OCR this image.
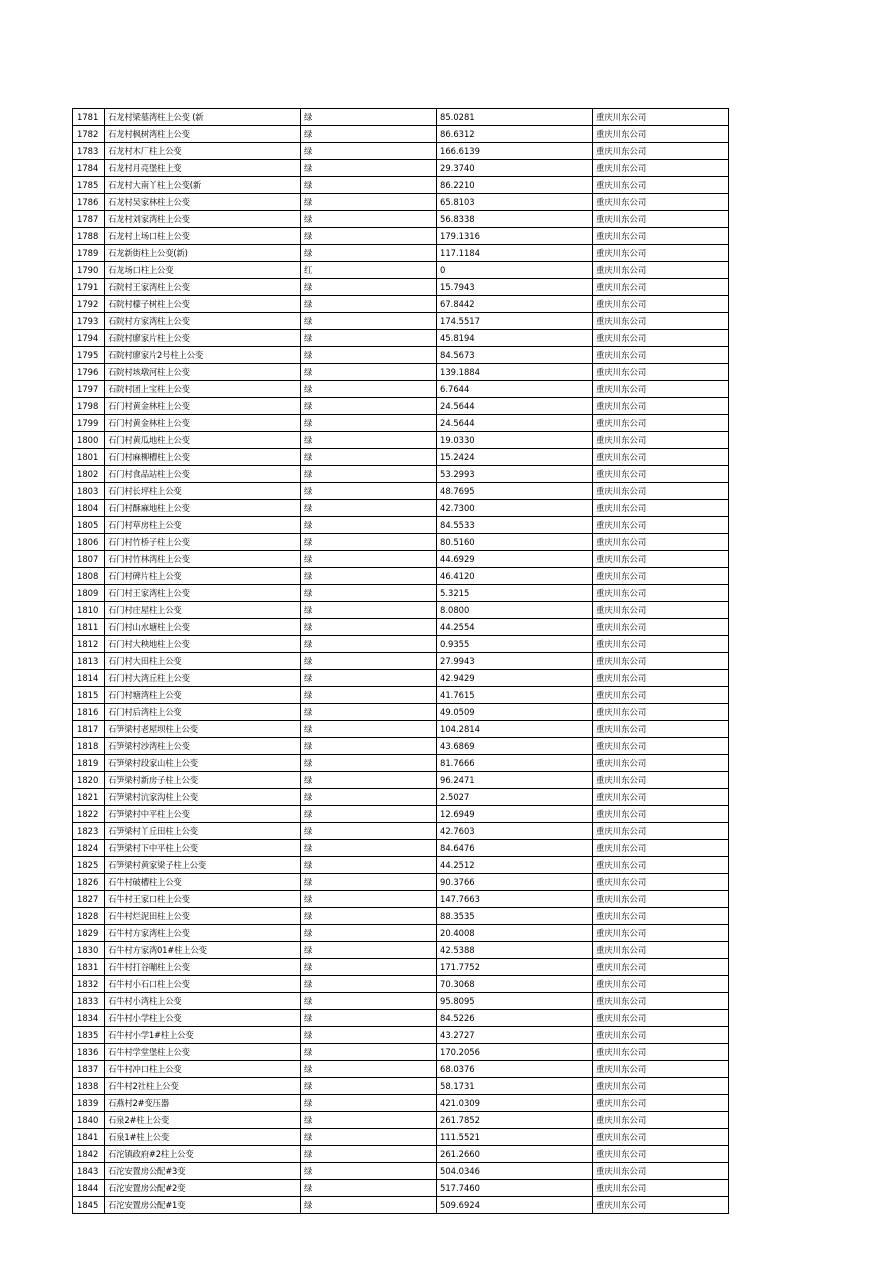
1781	石龙村梁墓湾柱上公变 (新	绿	85.0281	重庆川东公司
1782	石龙村枫树湾柱上公变	绿	86.6312	重庆川东公司
1783	石龙村木厂柱上公变	绿	166.6139	重庆川东公司
1784	石龙村月亮堡柱上变	绿	29.3740	重庆川东公司
1785	石龙村大南丫柱上公变(新	绿	86.2210	重庆川东公司
1786	石龙村吴家林柱上公变	绿	65.8103	重庆川东公司
1787	石龙村刘家湾柱上公变	绿	56.8338	重庆川东公司
1788	石龙村上场口柱上公变	绿	179.1316	重庆川东公司
1789	石龙新街柱上公变(新)	绿	117.1184	重庆川东公司
1790	石龙场口柱上公变	红	0	重庆川东公司
1791	石院村王家湾柱上公变	绿	15.7943	重庆川东公司
1792	石院村檬子树柱上公变	绿	67.8442	重庆川东公司
1793	石院村方家湾柱上公变	绿	174.5517	重庆川东公司
1794	石院村廖家片柱上公变	绿	45.8194	重庆川东公司
1795	石院村廖家片2号柱上公变	绿	84.5673	重庆川东公司
1796	石院村垓墩河柱上公变	绿	139.1884	重庆川东公司
1797	石院村团上宝柱上公变	绿	6.7644	重庆川东公司
1798	石门村黄金林柱上公变	绿	24.5644	重庆川东公司
1799	石门村黄金林柱上公变	绿	24.5644	重庆川东公司
1800	石门村黄瓜地柱上公变	绿	19.0330	重庆川东公司
1801	石门村麻柳槽柱上公变	绿	15.2424	重庆川东公司
1802	石门村食品站柱上公变	绿	53.2993	重庆川东公司
1803	石门村长坪柱上公变	绿	48.7695	重庆川东公司
1804	石门村酥麻地柱上公变	绿	42.7300	重庆川东公司
1805	石门村草房柱上公变	绿	84.5533	重庆川东公司
1806	石门村竹桥子柱上公变	绿	80.5160	重庆川东公司
1807	石门村竹林湾柱上公变	绿	44.6929	重庆川东公司
1808	石门村碑片柱上公变	绿	46.4120	重庆川东公司
1809	石门村王家湾柱上公变	绿	5.3215	重庆川东公司
1810	石门村庄屋柱上公变	绿	8.0800	重庆川东公司
1811	石门村山水塘柱上公变	绿	44.2554	重庆川东公司
1812	石门村大秧地柱上公变	绿	0.9355	重庆川东公司
1813	石门村大田柱上公变	绿	27.9943	重庆川东公司
1814	石门村大湾丘柱上公变	绿	42.9429	重庆川东公司
1815	石门村塘湾柱上公变	绿	41.7615	重庆川东公司
1816	石门村后湾柱上公变	绿	49.0509	重庆川东公司
1817	石笋梁村老屋坝柱上公变	绿	104.2814	重庆川东公司
1818	石笋梁村沙湾柱上公变	绿	43.6869	重庆川东公司
1819	石笋梁村段家山柱上公变	绿	81.7666	重庆川东公司
1820	石笋梁村新房子柱上公变	绿	96.2471	重庆川东公司
1821	石笋梁村沆家沟柱上公变	绿	2.5027	重庆川东公司
1822	石笋梁村中平柱上公变	绿	12.6949	重庆川东公司
1823	石笋梁村丫丘田柱上公变	绿	42.7603	重庆川东公司
1824	石笋梁村下中平柱上公变	绿	84.6476	重庆川东公司
1825	石笋梁村黄家梁子柱上公变	绿	44.2512	重庆川东公司
1826	石牛村破槽柱上公变	绿	90.3766	重庆川东公司
1827	石牛村王家口柱上公变	绿	147.7663	重庆川东公司
1828	石牛村烂泥田柱上公变	绿	88.3535	重庆川东公司
1829	石牛村方家湾柱上公变	绿	20.4008	重庆川东公司
1830	石牛村方家湾01#柱上公变	绿	42.5388	重庆川东公司
1831	石牛村打谷嘣柱上公变	绿	171.7752	重庆川东公司
1832	石牛村小石口柱上公变	绿	70.3068	重庆川东公司
1833	石牛村小湾柱上公变	绿	95.8095	重庆川东公司
1834	石牛村小学柱上公变	绿	84.5226	重庆川东公司
1835	石牛村小学1#柱上公变	绿	43.2727	重庆川东公司
1836	石牛村学堂堡柱上公变	绿	170.2056	重庆川东公司
1837	石牛村冲口柱上公变	绿	68.0376	重庆川东公司
1838	石牛村2社柱上公变	绿	58.1731	重庆川东公司
1839	石燕村2#变压器	绿	421.0309	重庆川东公司
1840	石泉2#柱上公变	绿	261.7852	重庆川东公司
1841	石泉1#柱上公变	绿	111.5521	重庆川东公司
1842	石沱镇政府#2柱上公变	绿	261.2660	重庆川东公司
1843	石沱安置房公配#3变	绿	504.0346	重庆川东公司
1844	石沱安置房公配#2变	绿	517.7460	重庆川东公司
1845	石沱安置房公配#1变	绿	509.6924	重庆川东公司
